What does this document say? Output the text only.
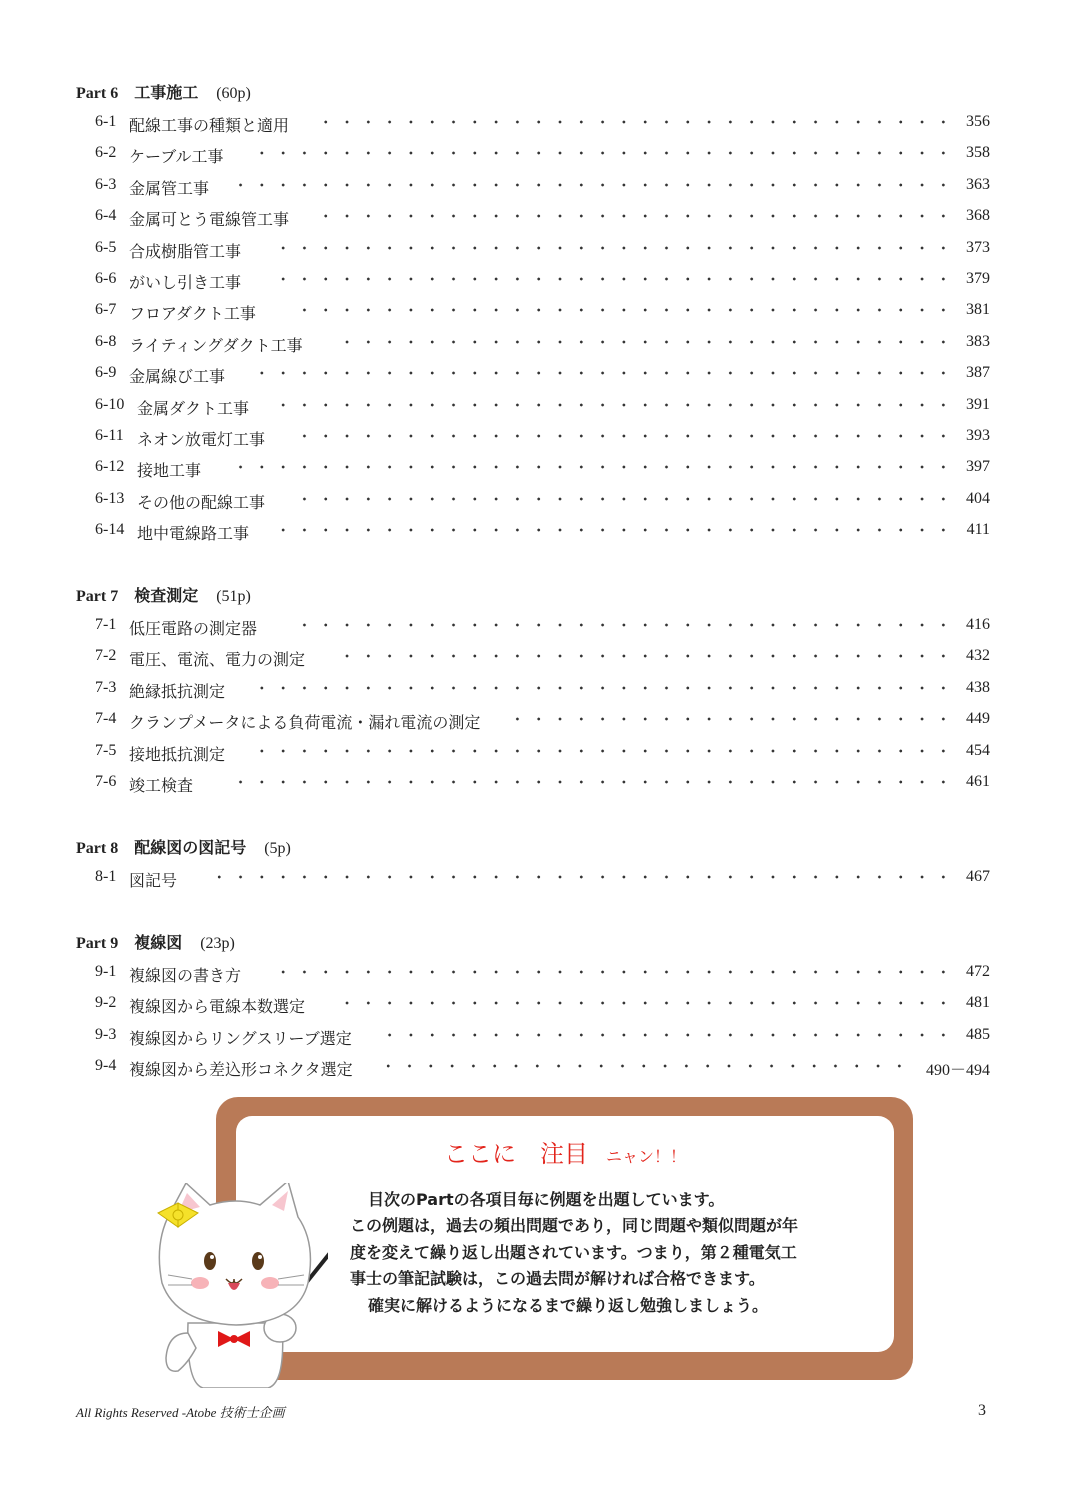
Part 6 工事施工 (60p)
6-1 配線工事の種類と適用	356
6-2 ケーブル工事	358
6-3 金属管工事	363
6-4 金属可とう電線管工事	368
6-5 合成樹脂管工事	373
6-6 がいし引き工事	379
6-7 フロアダクト工事	381
6-8 ライティングダクト工事	383
6-9 金属線び工事	387
6-10 金属ダクト工事	391
6-11 ネオン放電灯工事	393
6-12 接地工事	397
6-13 その他の配線工事	404
6-14 地中電線路工事	411
Part 7 検査測定 (51p)
7-1 低圧電路の測定器	416
7-2 電圧、電流、電力の測定	432
7-3 絶縁抵抗測定	438
7-4 クランプメータによる負荷電流・漏れ電流の測定	449
7-5 接地抵抗測定	454
7-6 竣工検査	461
Part 8 配線図の図記号 (5p)
8-1 図記号	467
Part 9 複線図 (23p)
9-1 複線図の書き方	472
9-2 複線図から電線本数選定	481
9-3 複線図からリングスリーブ選定	485
9-4 複線図から差込形コネクタ選定	490－494
ここに　注目 ニャン！！
目次のPartの各項目毎に例題を出題しています。
この例題は，過去の頻出問題であり，同じ問題や類似問題が年
度を変えて繰り返し出題されています。つまり，第２種電気工
事士の筆記試験は，この過去問が解ければ合格できます。
確実に解けるようになるまで繰り返し勉強しましょう。
All Rights Reserved -Atobe 技術士企画	3
